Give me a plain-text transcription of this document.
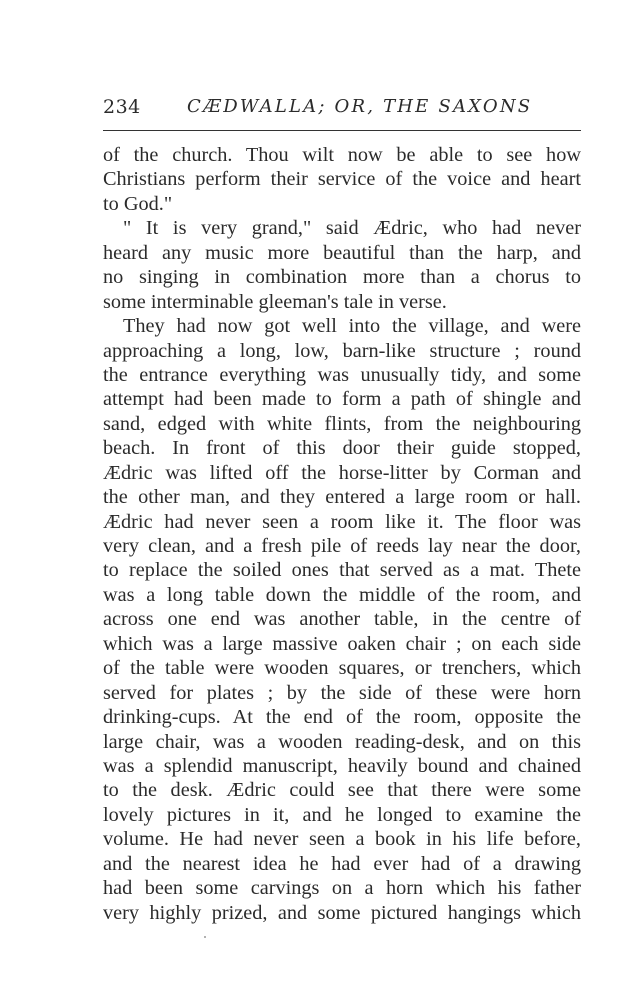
234	CÆDWALLA; OR, THE SAXONS
of the church. Thou wilt now be able to see how
Christians perform their service of the voice and heart
to God."
" It is very grand," said Ædric, who had never
heard any music more beautiful than the harp, and
no singing in combination more than a chorus to
some interminable gleeman's tale in verse.
They had now got well into the village, and were
approaching a long, low, barn-like structure ; round
the entrance everything was unusually tidy, and some
attempt had been made to form a path of shingle and
sand, edged with white flints, from the neighbouring
beach. In front of this door their guide stopped,
Ædric was lifted off the horse-litter by Corman and
the other man, and they entered a large room or hall.
Ædric had never seen a room like it. The floor was
very clean, and a fresh pile of reeds lay near the door,
to replace the soiled ones that served as a mat. Thete
was a long table down the middle of the room, and
across one end was another table, in the centre of
which was a large massive oaken chair ; on each side
of the table were wooden squares, or trenchers, which
served for plates ; by the side of these were horn
drinking-cups. At the end of the room, opposite the
large chair, was a wooden reading-desk, and on this
was a splendid manuscript, heavily bound and chained
to the desk. Ædric could see that there were some
lovely pictures in it, and he longed to examine the
volume. He had never seen a book in his life before,
and the nearest idea he had ever had of a drawing
had been some carvings on a horn which his father
very highly prized, and some pictured hangings which
